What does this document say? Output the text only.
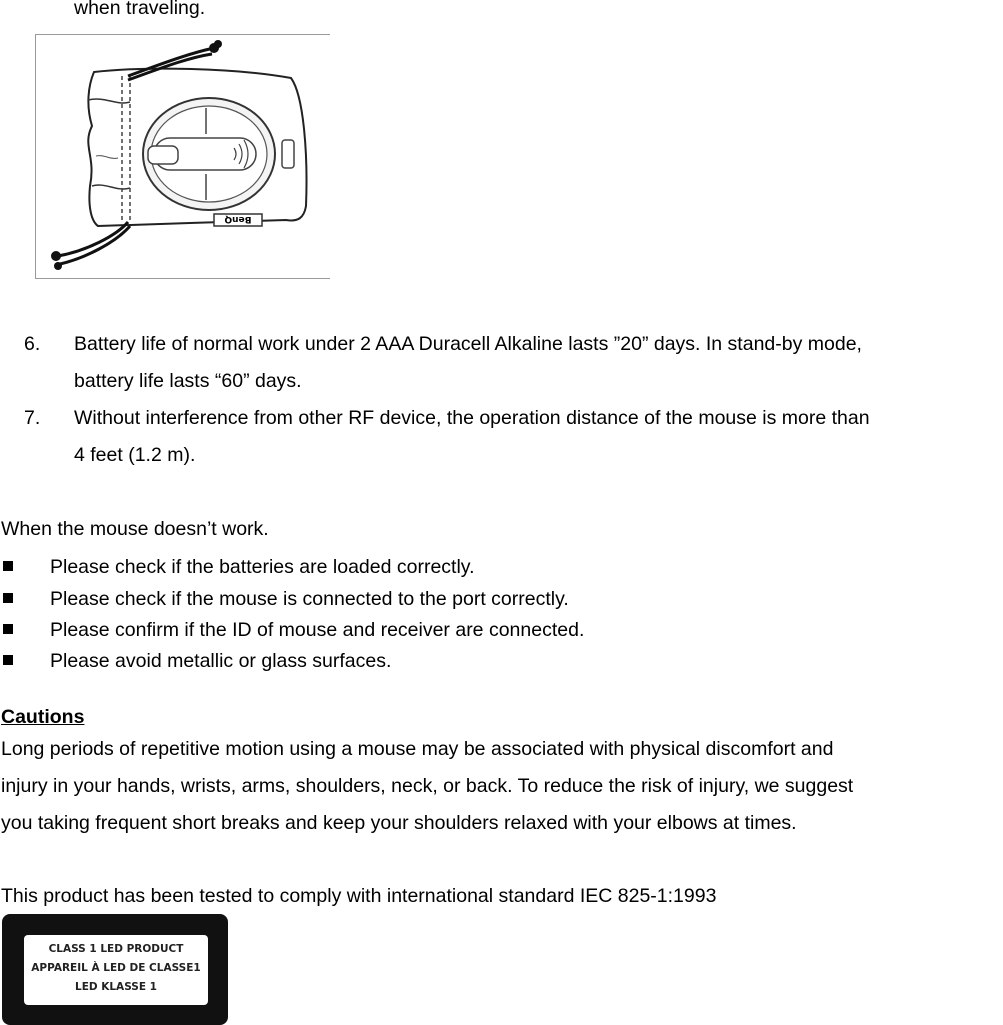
when traveling.
BenQ
6. Battery life of normal work under 2 AAA Duracell Alkaline lasts ”20” days. In stand-by mode,
battery life lasts “60” days.
7. Without interference from other RF device, the operation distance of the mouse is more than
4 feet (1.2 m).
When the mouse doesn’t work.
Please check if the batteries are loaded correctly.
Please check if the mouse is connected to the port correctly.
Please confirm if the ID of mouse and receiver are connected.
Please avoid metallic or glass surfaces.
Cautions
Long periods of repetitive motion using a mouse may be associated with physical discomfort and
injury in your hands, wrists, arms, shoulders, neck, or back. To reduce the risk of injury, we suggest
you taking frequent short breaks and keep your shoulders relaxed with your elbows at times.
This product has been tested to comply with international standard IEC 825-1:1993
CLASS 1 LED PRODUCT
APPAREIL À LED DE CLASSE1
LED KLASSE 1
